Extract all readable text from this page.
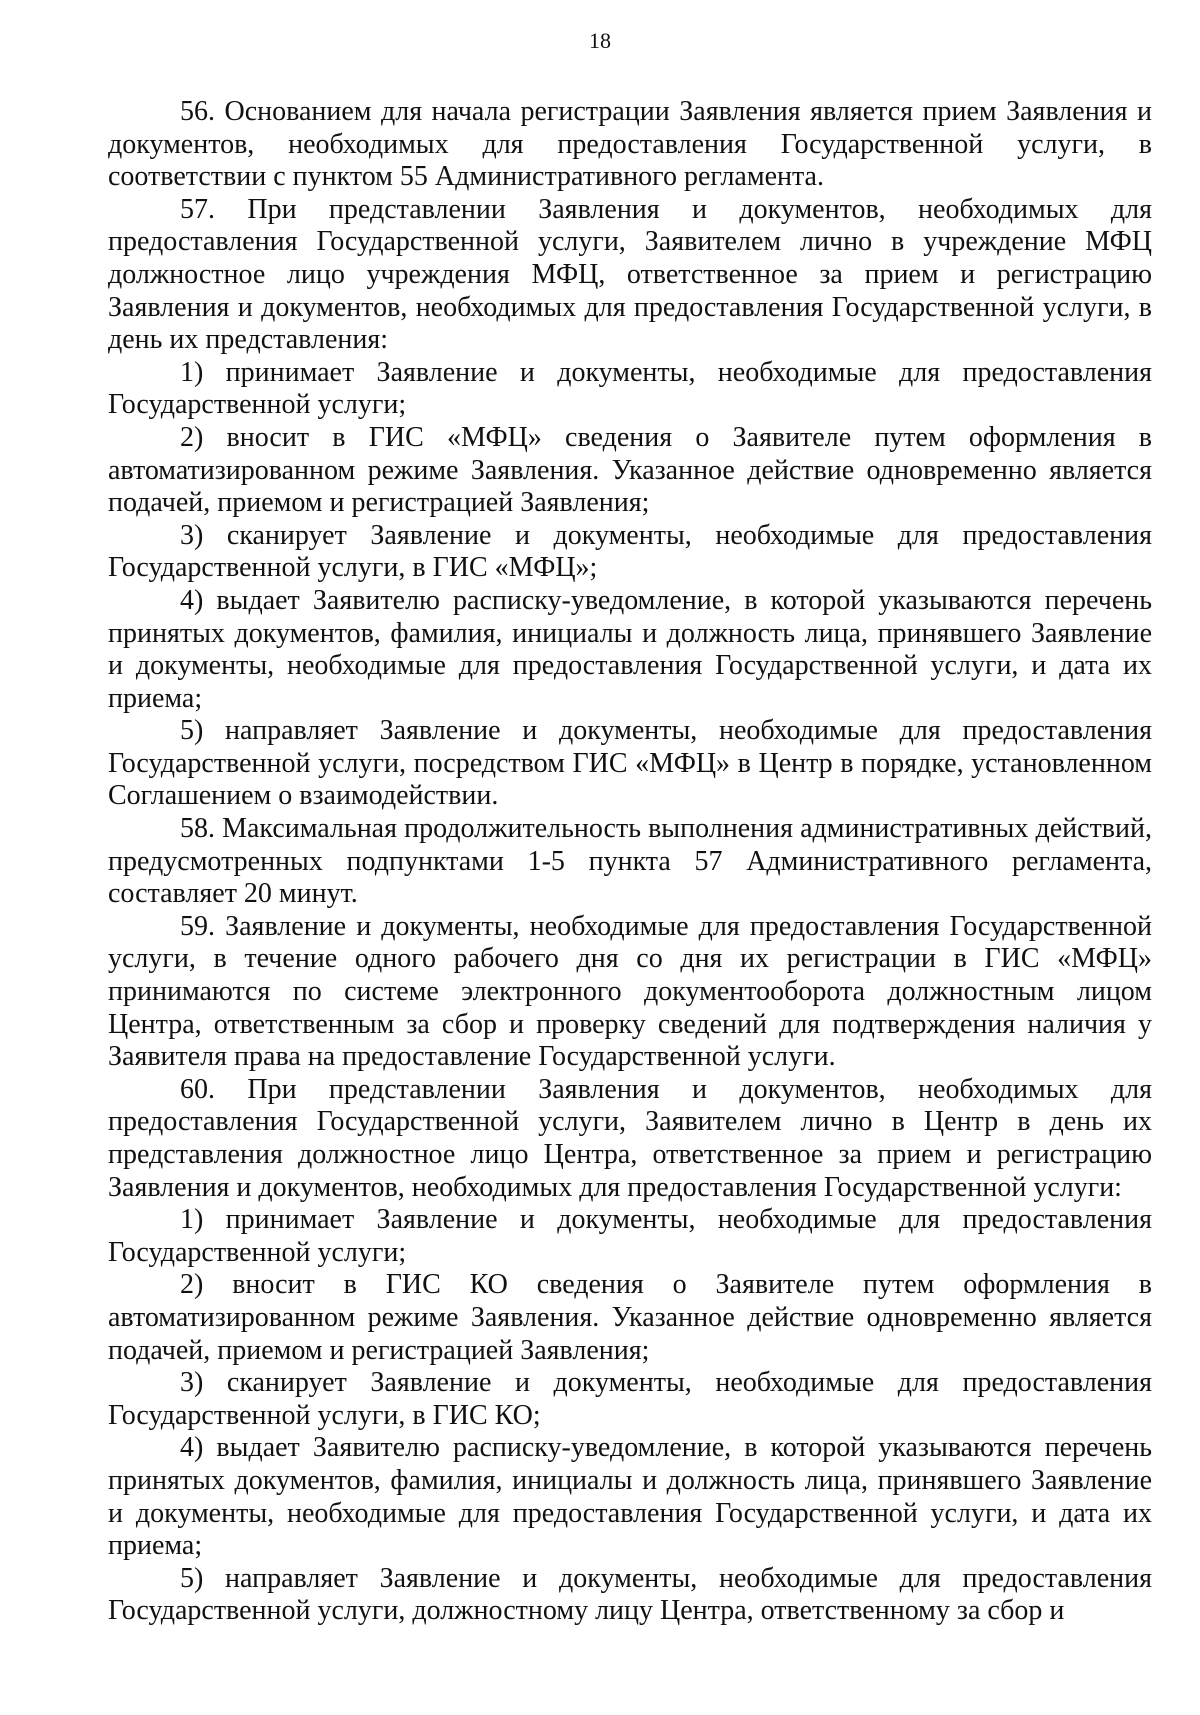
18

56. Основанием для начала регистрации Заявления является прием Заявления и документов, необходимых для предоставления Государственной услуги, в соответствии с пунктом 55 Административного регламента.

57. При представлении Заявления и документов, необходимых для предоставления Государственной услуги, Заявителем лично в учреждение МФЦ должностное лицо учреждения МФЦ, ответственное за прием и регистрацию Заявления и документов, необходимых для предоставления Государственной услуги, в день их представления:

1) принимает Заявление и документы, необходимые для предоставления Государственной услуги;

2) вносит в ГИС «МФЦ» сведения о Заявителе путем оформления в автоматизированном режиме Заявления. Указанное действие одновременно является подачей, приемом и регистрацией Заявления;

3) сканирует Заявление и документы, необходимые для предоставления Государственной услуги, в ГИС «МФЦ»;

4) выдает Заявителю расписку-уведомление, в которой указываются перечень принятых документов, фамилия, инициалы и должность лица, принявшего Заявление и документы, необходимые для предоставления Государственной услуги, и дата их приема;

5) направляет Заявление и документы, необходимые для предоставления Государственной услуги, посредством ГИС «МФЦ» в Центр в порядке, установленном Соглашением о взаимодействии.

58. Максимальная продолжительность выполнения административных действий, предусмотренных подпунктами 1-5 пункта 57 Административного регламента, составляет 20 минут.

59. Заявление и документы, необходимые для предоставления Государственной услуги, в течение одного рабочего дня со дня их регистрации в ГИС «МФЦ» принимаются по системе электронного документооборота должностным лицом Центра, ответственным за сбор и проверку сведений для подтверждения наличия у Заявителя права на предоставление Государственной услуги.

60. При представлении Заявления и документов, необходимых для предоставления Государственной услуги, Заявителем лично в Центр в день их представления должностное лицо Центра, ответственное за прием и регистрацию Заявления и документов, необходимых для предоставления Государственной услуги:

1) принимает Заявление и документы, необходимые для предоставления Государственной услуги;

2) вносит в ГИС КО сведения о Заявителе путем оформления в автоматизированном режиме Заявления. Указанное действие одновременно является подачей, приемом и регистрацией Заявления;

3) сканирует Заявление и документы, необходимые для предоставления Государственной услуги, в ГИС КО;

4) выдает Заявителю расписку-уведомление, в которой указываются перечень принятых документов, фамилия, инициалы и должность лица, принявшего Заявление и документы, необходимые для предоставления Государственной услуги, и дата их приема;

5) направляет Заявление и документы, необходимые для предоставления Государственной услуги, должностному лицу Центра, ответственному за сбор и
